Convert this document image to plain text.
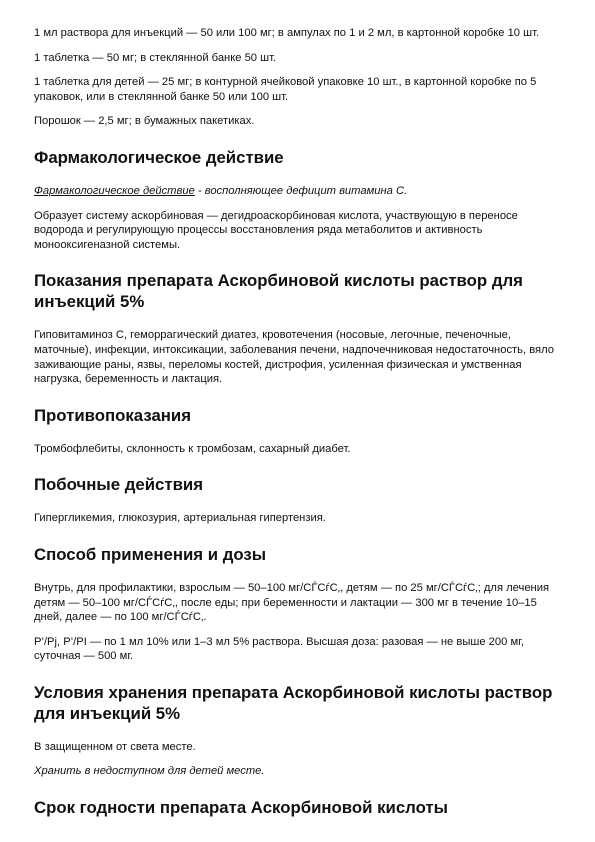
1 мл раствора для инъекций — 50 или 100 мг; в ампулах по 1 и 2 мл, в картонной коробке 10 шт.

1 таблетка — 50 мг; в стеклянной банке 50 шт.

1 таблетка для детей — 25 мг; в контурной ячейковой упаковке 10 шт., в картонной коробке по 5 упаковок, или в стеклянной банке 50 или 100 шт.

Порошок — 2,5 мг; в бумажных пакетиках.

Фармакологическое действие

Фармакологическое действие - восполняющее дефицит витамина C.

Образует систему аскорбиновая — дегидроаскорбиновая кислота, участвующую в переносе водорода и регулирующую процессы восстановления ряда метаболитов и активность монооксигеназной системы.

Показания препарата Аскорбиновой кислоты раствор для инъекций 5%

Гиповитаминоз C, геморрагический диатез, кровотечения (носовые, легочные, печеночные, маточные), инфекции, интоксикации, заболевания печени, надпочечниковая недостаточность, вяло заживающие раны, язвы, переломы костей, дистрофия, усиленная физическая и умственная нагрузка, беременность и лактация.

Противопоказания

Тромбофлебиты, склонность к тромбозам, сахарный диабет.

Побочные действия

Гипергликемия, глюкозурия, артериальная гипертензия.

Способ применения и дозы

Внутрь, для профилактики, взрослым — 50–100 мг/СЃСѓС‚, детям — по 25 мг/СЃСѓС‚; для лечения детям — 50–100 мг/СЃСѓС‚, после еды; при беременности и лактации — 300 мг в течение 10–15 дней, далее — по 100 мг/СЃСѓС‚.

Р’/Рј, Р’/РІ — по 1 мл 10% или 1–3 мл 5% раствора. Высшая доза: разовая — не выше 200 мг, суточная — 500 мг.

Условия хранения препарата Аскорбиновой кислоты раствор для инъекций 5%

В защищенном от света месте.

Хранить в недоступном для детей месте.

Срок годности препарата Аскорбиновой кислоты
